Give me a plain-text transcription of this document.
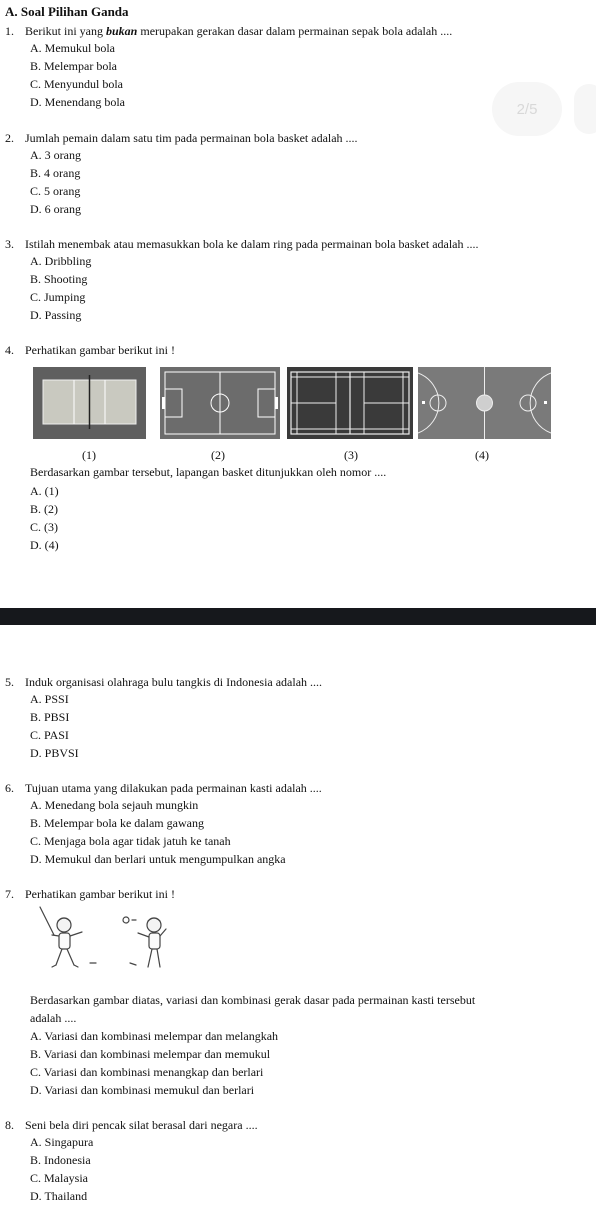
A. Soal Pilihan Ganda
2/5
1. Berikut ini yang bukan merupakan gerakan dasar dalam permainan sepak bola adalah ....
A. Memukul bola
B. Melempar bola
C. Menyundul bola
D. Menendang bola
2. Jumlah pemain dalam satu tim pada permainan bola basket adalah ....
A. 3 orang
B. 4 orang
C. 5 orang
D. 6 orang
3. Istilah menembak atau memasukkan bola ke dalam ring pada permainan bola basket adalah ....
A. Dribbling
B. Shooting
C. Jumping
D. Passing
4. Perhatikan gambar berikut ini !
(1)	(2)	(3)	(4)
Berdasarkan gambar tersebut, lapangan basket ditunjukkan oleh nomor ....
A. (1)
B. (2)
C. (3)
D. (4)
5. Induk organisasi olahraga bulu tangkis di Indonesia adalah ....
A. PSSI
B. PBSI
C. PASI
D. PBVSI
6. Tujuan utama yang dilakukan pada permainan kasti adalah ....
A. Menedang bola sejauh mungkin
B. Melempar bola ke dalam gawang
C. Menjaga bola agar tidak jatuh ke tanah
D. Memukul dan berlari untuk mengumpulkan angka
7. Perhatikan gambar berikut ini !
Berdasarkan gambar diatas, variasi dan kombinasi gerak dasar pada permainan kasti tersebut
adalah ....
A. Variasi dan kombinasi melempar dan melangkah
B. Variasi dan kombinasi melempar dan memukul
C. Variasi dan kombinasi menangkap dan berlari
D. Variasi dan kombinasi memukul dan berlari
8. Seni bela diri pencak silat berasal dari negara ....
A. Singapura
B. Indonesia
C. Malaysia
D. Thailand
